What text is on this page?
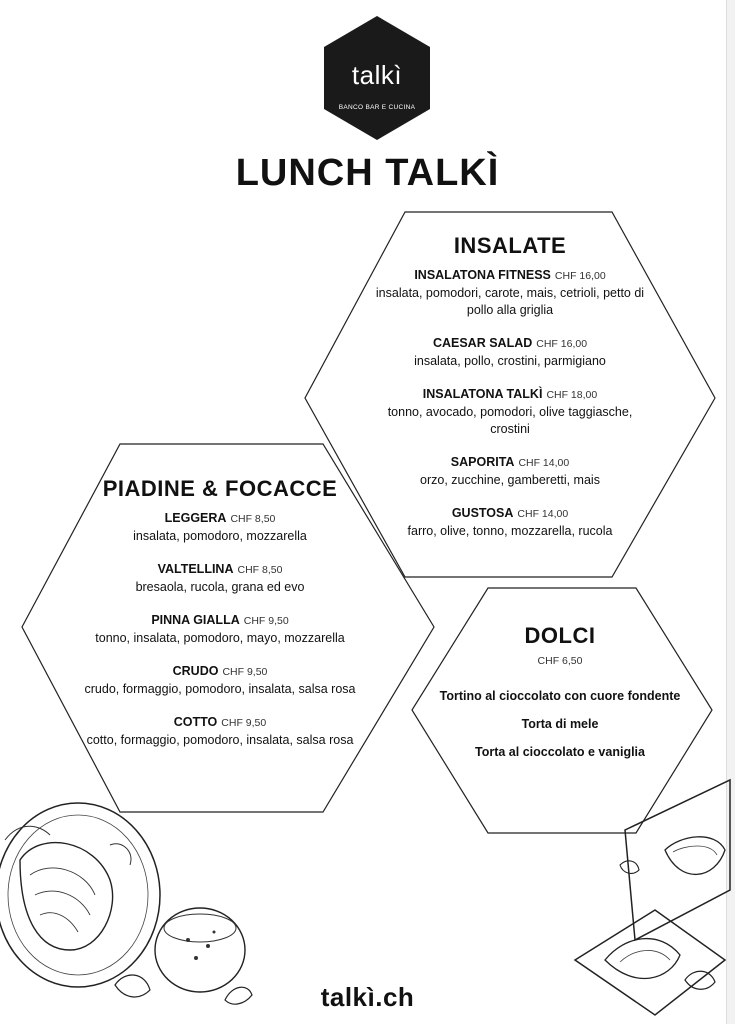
talkì
BANCO BAR E CUCINA
LUNCH TALKÌ
INSALATE
INSALATONA FITNESS CHF 16,00
insalata, pomodori, carote, mais, cetrioli, petto di pollo alla griglia
CAESAR SALAD CHF 16,00
insalata, pollo, crostini, parmigiano
INSALATONA TALKÌ CHF 18,00
tonno, avocado, pomodori, olive taggiasche, crostini
SAPORITA CHF 14,00
orzo, zucchine, gamberetti, mais
GUSTOSA CHF 14,00
farro, olive, tonno, mozzarella, rucola
PIADINE & FOCACCE
LEGGERA CHF 8,50
insalata, pomodoro, mozzarella
VALTELLINA CHF 8,50
bresaola, rucola, grana ed evo
PINNA GIALLA CHF 9,50
tonno, insalata, pomodoro, mayo, mozzarella
CRUDO CHF 9,50
crudo, formaggio, pomodoro, insalata, salsa rosa
COTTO CHF 9,50
cotto, formaggio, pomodoro, insalata, salsa rosa
DOLCI
CHF 6,50
Tortino al cioccolato con cuore fondente
Torta di mele
Torta al cioccolato e vaniglia
talkì.ch
